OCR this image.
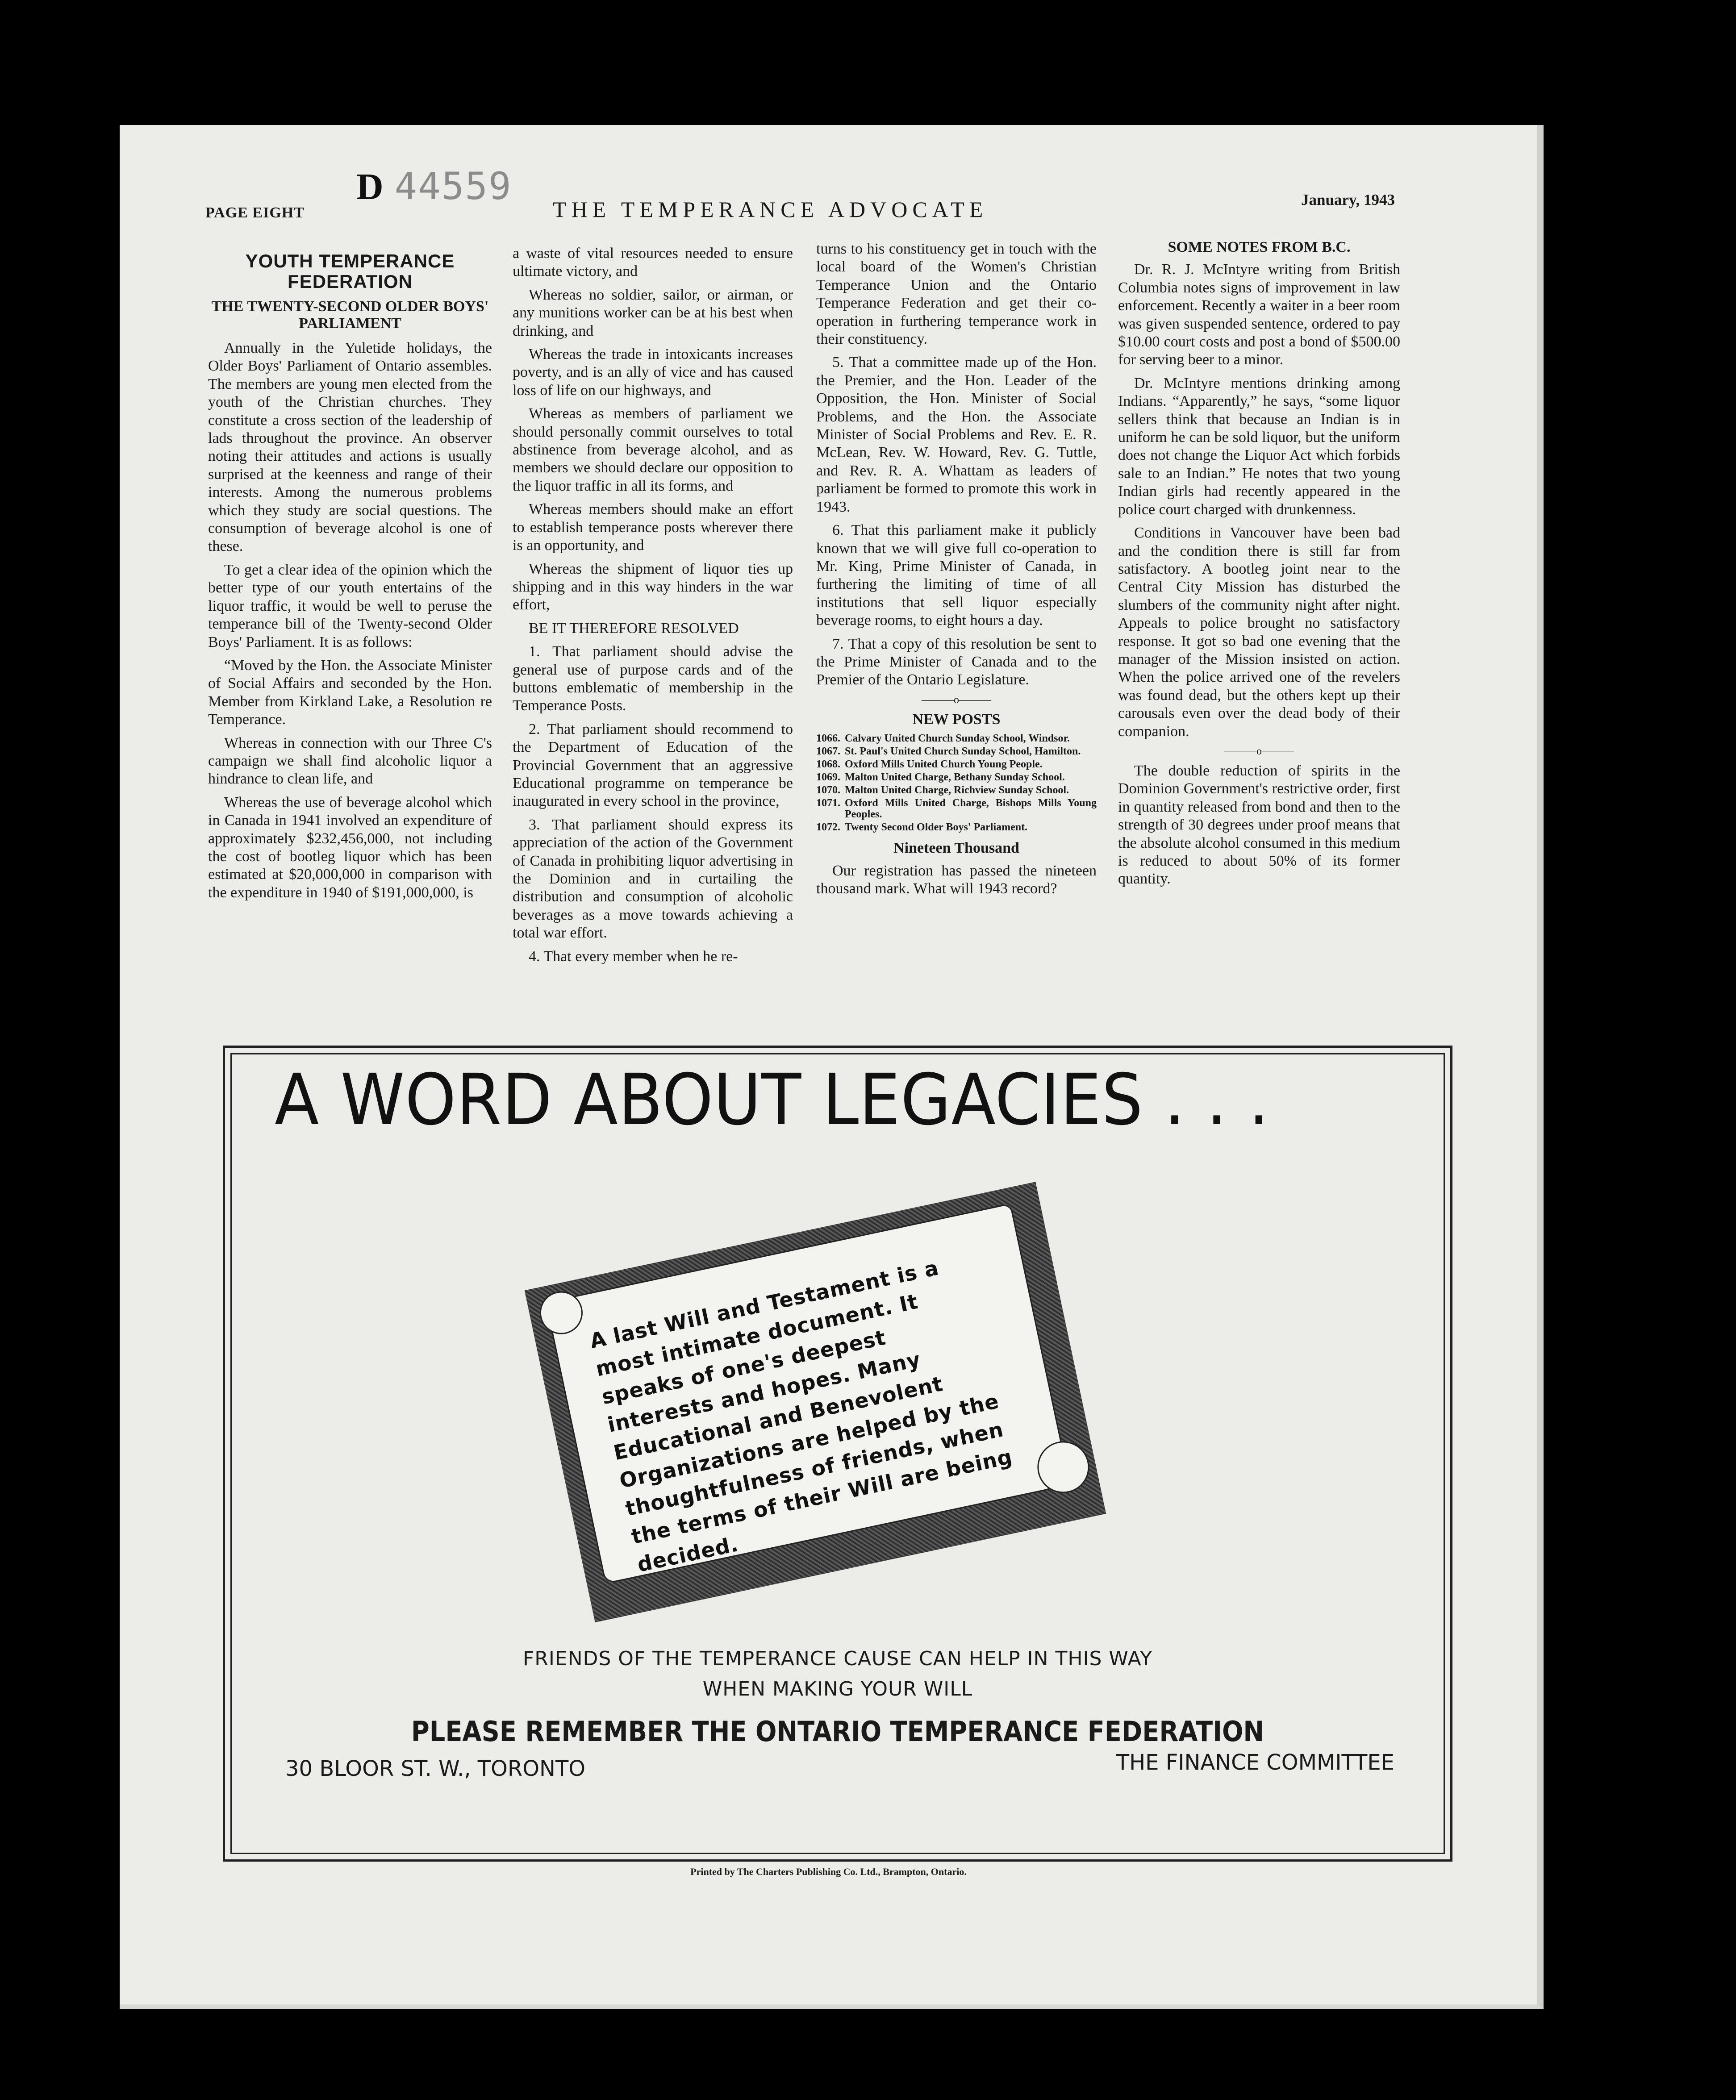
PAGE EIGHT
D 44559
THE TEMPERANCE ADVOCATE	January, 1943
YOUTH TEMPERANCE FEDERATION
THE TWENTY-SECOND OLDER BOYS' PARLIAMENT

Annually in the Yuletide holidays, the Older Boys' Parliament of Ontario assembles. The members are young men elected from the youth of the Christian churches. They constitute a cross section of the leadership of lads throughout the province. An observer noting their attitudes and actions is usually surprised at the keenness and range of their interests. Among the numerous problems which they study are social questions. The consumption of beverage alcohol is one of these.

To get a clear idea of the opinion which the better type of our youth entertains of the liquor traffic, it would be well to peruse the temperance bill of the Twenty-second Older Boys' Parliament. It is as follows:

“Moved by the Hon. the Associate Minister of Social Affairs and seconded by the Hon. Member from Kirkland Lake, a Resolution re Temperance.

Whereas in connection with our Three C's campaign we shall find alcoholic liquor a hindrance to clean life, and

Whereas the use of beverage alcohol which in Canada in 1941 involved an expenditure of approximately $232,456,000, not including the cost of bootleg liquor which has been estimated at $20,000,000 in comparison with the expenditure in 1940 of $191,000,000, is

a waste of vital resources needed to ensure ultimate victory, and

Whereas no soldier, sailor, or airman, or any munitions worker can be at his best when drinking, and

Whereas the trade in intoxicants increases poverty, and is an ally of vice and has caused loss of life on our highways, and

Whereas as members of parliament we should personally commit ourselves to total abstinence from beverage alcohol, and as members we should declare our opposition to the liquor traffic in all its forms, and

Whereas members should make an effort to establish temperance posts wherever there is an opportunity, and

Whereas the shipment of liquor ties up shipping and in this way hinders in the war effort,

BE IT THEREFORE RESOLVED

1. That parliament should advise the general use of purpose cards and of the buttons emblematic of membership in the Temperance Posts.

2. That parliament should recommend to the Department of Education of the Provincial Government that an aggressive Educational programme on temperance be inaugurated in every school in the province,

3. That parliament should express its appreciation of the action of the Government of Canada in prohibiting liquor advertising in the Dominion and in curtailing the distribution and consumption of alcoholic beverages as a move towards achieving a total war effort.

4. That every member when he re-

turns to his constituency get in touch with the local board of the Women's Christian Temperance Union and the Ontario Temperance Federation and get their co-operation in furthering temperance work in their constituency.

5. That a committee made up of the Hon. the Premier, and the Hon. Leader of the Opposition, the Hon. Minister of Social Problems, and the Hon. the Associate Minister of Social Problems and Rev. E. R. McLean, Rev. W. Howard, Rev. G. Tuttle, and Rev. R. A. Whattam as leaders of parliament be formed to promote this work in 1943.

6. That this parliament make it publicly known that we will give full co-operation to Mr. King, Prime Minister of Canada, in furthering the limiting of time of all institutions that sell liquor especially beverage rooms, to eight hours a day.

7. That a copy of this resolution be sent to the Prime Minister of Canada and to the Premier of the Ontario Legislature.

———o———
NEW POSTS
1066. Calvary United Church Sunday School, Windsor.
1067. St. Paul's United Church Sunday School, Hamilton.
1068. Oxford Mills United Church Young People.
1069. Malton United Charge, Bethany Sunday School.
1070. Malton United Charge, Richview Sunday School.
1071. Oxford Mills United Charge, Bishops Mills Young Peoples.
1072. Twenty Second Older Boys' Parliament.
Nineteen Thousand

Our registration has passed the nineteen thousand mark. What will 1943 record?

SOME NOTES FROM B.C.

Dr. R. J. McIntyre writing from British Columbia notes signs of improvement in law enforcement. Recently a waiter in a beer room was given suspended sentence, ordered to pay $10.00 court costs and post a bond of $500.00 for serving beer to a minor.

Dr. McIntyre mentions drinking among Indians. “Apparently,” he says, “some liquor sellers think that because an Indian is in uniform he can be sold liquor, but the uniform does not change the Liquor Act which forbids sale to an Indian.” He notes that two young Indian girls had recently appeared in the police court charged with drunkenness.

Conditions in Vancouver have been bad and the condition there is still far from satisfactory. A bootleg joint near to the Central City Mission has disturbed the slumbers of the community night after night. Appeals to police brought no satisfactory response. It got so bad one evening that the manager of the Mission insisted on action. When the police arrived one of the revelers was found dead, but the others kept up their carousals even over the dead body of their companion.

———o———

The double reduction of spirits in the Dominion Government's restrictive order, first in quantity released from bond and then to the strength of 30 degrees under proof means that the absolute alcohol consumed in this medium is reduced to about 50% of its former quantity.

A WORD ABOUT LEGACIES . . .
A last Will and Testament is a most intimate document. It speaks of one's deepest interests and hopes. Many Educational and Benevolent Organizations are helped by the thoughtfulness of friends, when the terms of their Will are being decided.
FRIENDS OF THE TEMPERANCE CAUSE CAN HELP IN THIS WAY
WHEN MAKING YOUR WILL
PLEASE REMEMBER THE ONTARIO TEMPERANCE FEDERATION
30 BLOOR ST. W., TORONTO	THE FINANCE COMMITTEE
Printed by The Charters Publishing Co. Ltd., Brampton, Ontario.
